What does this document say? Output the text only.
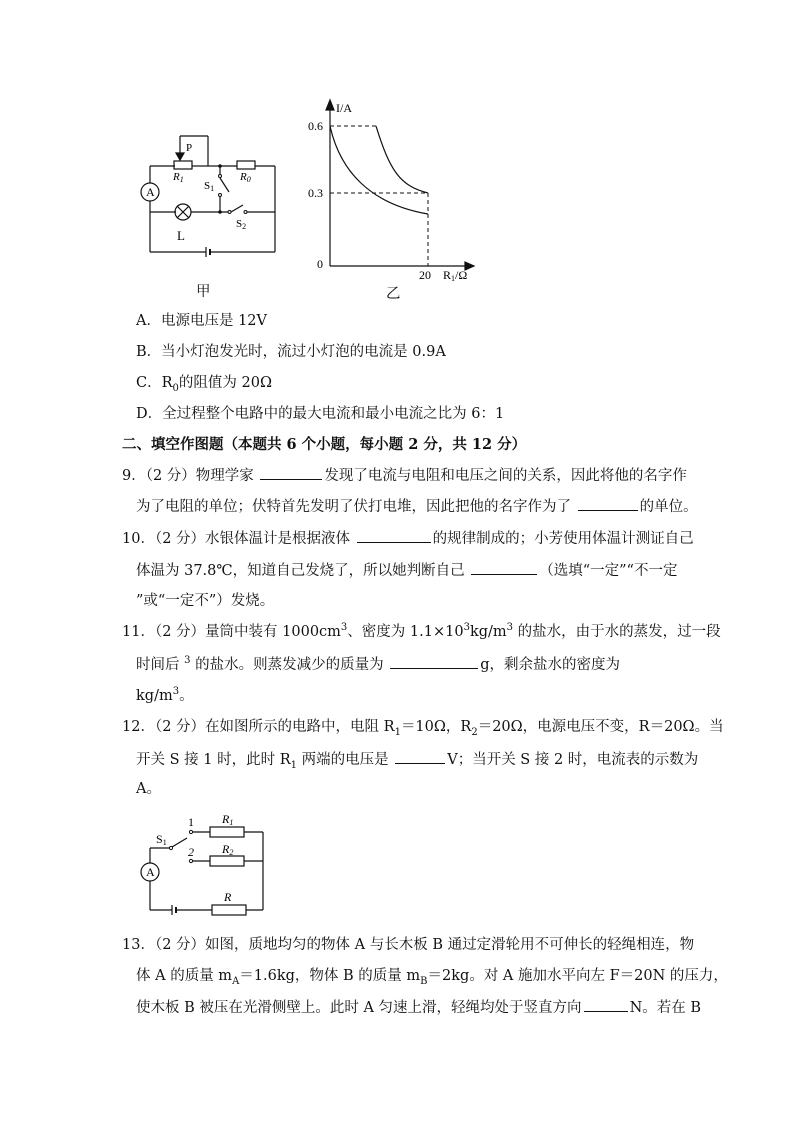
A
L
P
R1	R0
S1
S2
甲
I/A
0.6
0.3
0
20 R1/Ω
乙
A．电源电压是 12V
B．当小灯泡发光时，流过小灯泡的电流是 0.9A
C．$R_0$的阻值为 20Ω
D．全过程整个电路中的最大电流和最小电流之比为 6：1
二、填空作图题（本题共 6 个小题，每小题 2 分，共 12 分）
9．（2 分）物理学家	发现了电流与电阻和电压之间的关系，因此将他的名字作
为了电阻的单位；伏特首先发明了伏打电堆，因此把他的名字作为了	的单位。
10．（2 分）水银体温计是根据液体	的规律制成的；小芳使用体温计测证自己
体温为 37.8℃，知道自己发烧了，所以她判断自己	（选填“一定”“不一定
”或“一定不”）发烧。
11．（2 分）量筒中装有 $1000cm^3$、密度为 $1.1\times 10^3kg/m^3$ 的盐水，由于水的蒸发，过一段
时间后 $^3$ 的盐水。则蒸发减少的质量为	g，剩余盐水的密度为
$kg/m^3$。
12．（2 分）在如图所示的电路中，电阻 $R_1=10\Omega$，$R_2=20\Omega$，电源电压不变，R＝20Ω。当
开关 S 接 1 时，此时 $R_1$ 两端的电压是	V；当开关 S 接 2 时，电流表的示数为
A。
A
S1
1
2
R1
R2
R
13．（2 分）如图，质地均匀的物体 A 与长木板 B 通过定滑轮用不可伸长的轻绳相连，物
体 A 的质量 $m_A=1.6kg$，物体 B 的质量 $m_B=2kg$。对 A 施加水平向左 F＝20N 的压力，
使木板 B 被压在光滑侧壁上。此时 A 匀速上滑，轻绳均处于竖直方向	N。若在 B
